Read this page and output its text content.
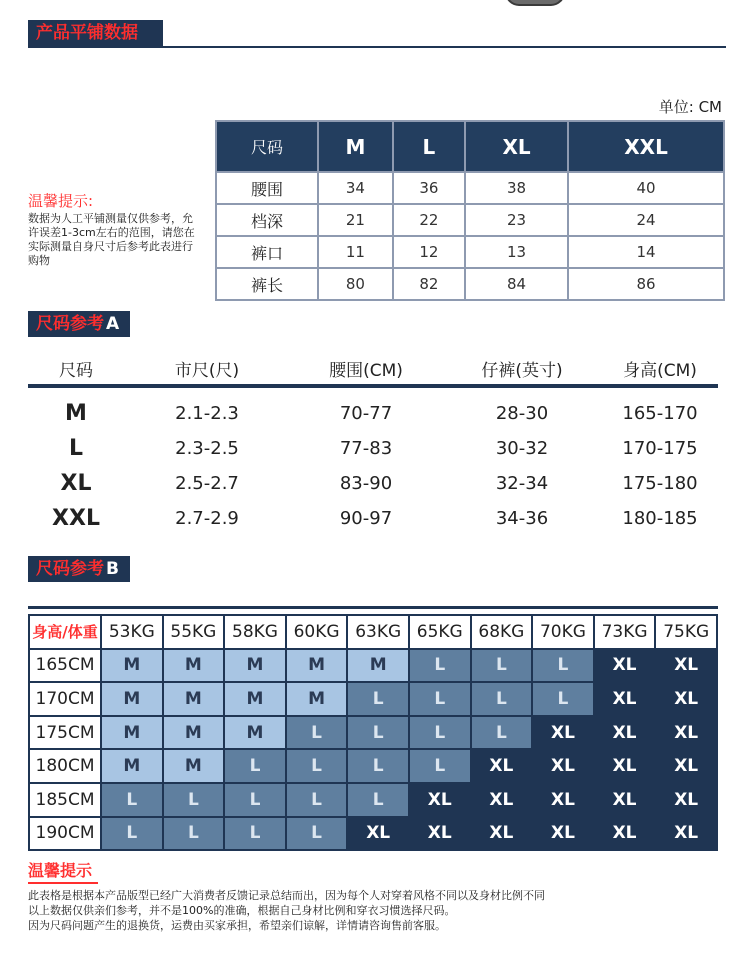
产品平铺数据
单位: CM
尺码	M	L	XL	XXL
腰围	34	36	38	40
档深	21	22	23	24
裤口	11	12	13	14
裤长	80	82	84	86
温馨提示:
数据为人工平铺测量仅供参考，允许误差1-3cm左右的范围，请您在实际测量自身尺寸后参考此表进行购物
尺码参考 A
尺码	市尺(尺)	腰围(CM)	仔裤(英寸)	身高(CM)
M	2.1-2.3	70-77	28-30	165-170
L	2.3-2.5	77-83	30-32	170-175
XL	2.5-2.7	83-90	32-34	175-180
XXL	2.7-2.9	90-97	34-36	180-185
尺码参考 B
身高/体重	53KG	55KG	58KG	60KG	63KG	65KG	68KG	70KG	73KG	75KG
165CM	M	M	M	M	M	L	L	L	XL	XL
170CM	M	M	M	M	L	L	L	L	XL	XL
175CM	M	M	M	L	L	L	L	XL	XL	XL
180CM	M	M	L	L	L	L	XL	XL	XL	XL
185CM	L	L	L	L	L	XL	XL	XL	XL	XL
190CM	L	L	L	L	XL	XL	XL	XL	XL	XL
温馨提示
此表格是根据本产品版型已经广大消费者反馈记录总结而出，因为每个人对穿着风格不同以及身材比例不同
以上数据仅供亲们参考，并不是100%的准确，根据自己身材比例和穿衣习惯选择尺码。
因为尺码问题产生的退换货，运费由买家承担，希望亲们谅解，详情请咨询售前客服。
